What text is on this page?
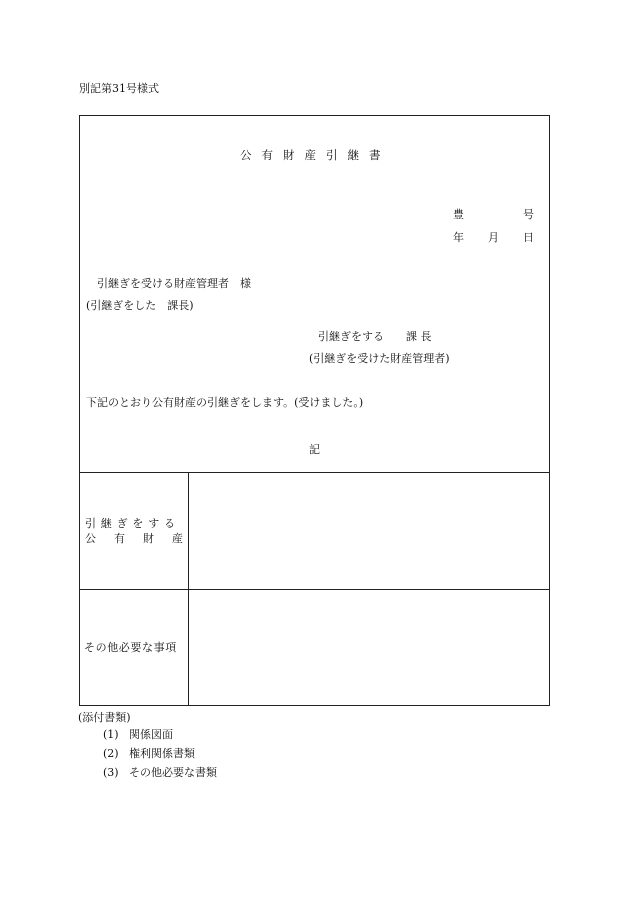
別記第31号様式
公有財産引継書
豊	号
年 月 日
引継ぎを受ける財産管理者　様
(引継ぎをした　課長)
引継ぎをする　　課 長
(引継ぎを受けた財産管理者)
下記のとおり公有財産の引継ぎをします。(受けました。)
記
引継ぎをする
公 有 財 産
その他必要な事項
(添付書類)
(1) 関係図面
(2) 権利関係書類
(3) その他必要な書類
